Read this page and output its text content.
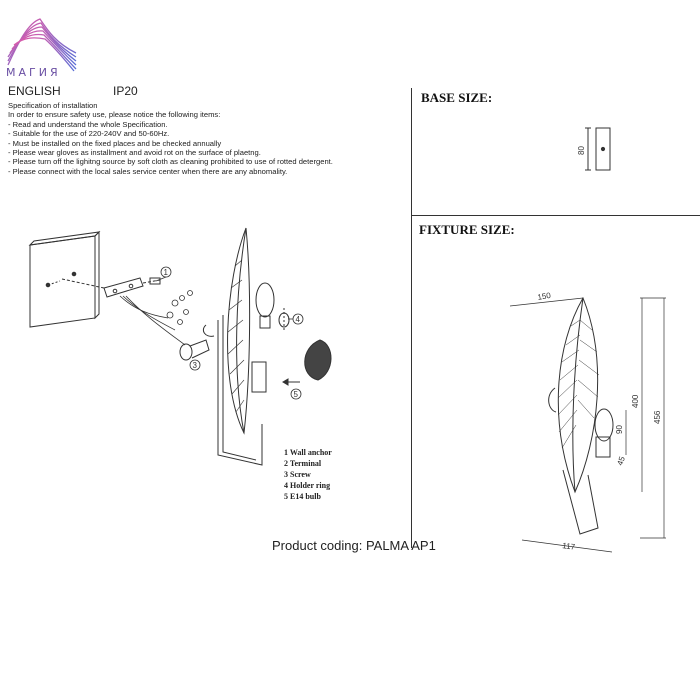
МАГИЯ
ENGLISH	IP20
Specification of installation
In order to ensure safety use, please notice the following items:
- Read and understand the whole Specification.
- Suitable for the use of 220-240V and 50-60Hz.
- Must be installed on the fixed places and be checked annually
- Please wear gloves as installment and avoid rot on the surface of plaetng.
- Please turn off the lighitng source by soft cloth as cleaning prohibited to use of rotted detergent.
- Please connect with the local sales service center when there are any abnomality.
BASE SIZE:
FIXTURE SIZE:
80
1
3
4
5
150
400
456
90
45
117
1 Wall anchor
2 Terminal
3 Screw
4 Holder ring
5 E14 bulb
Product coding: PALMA AP1
